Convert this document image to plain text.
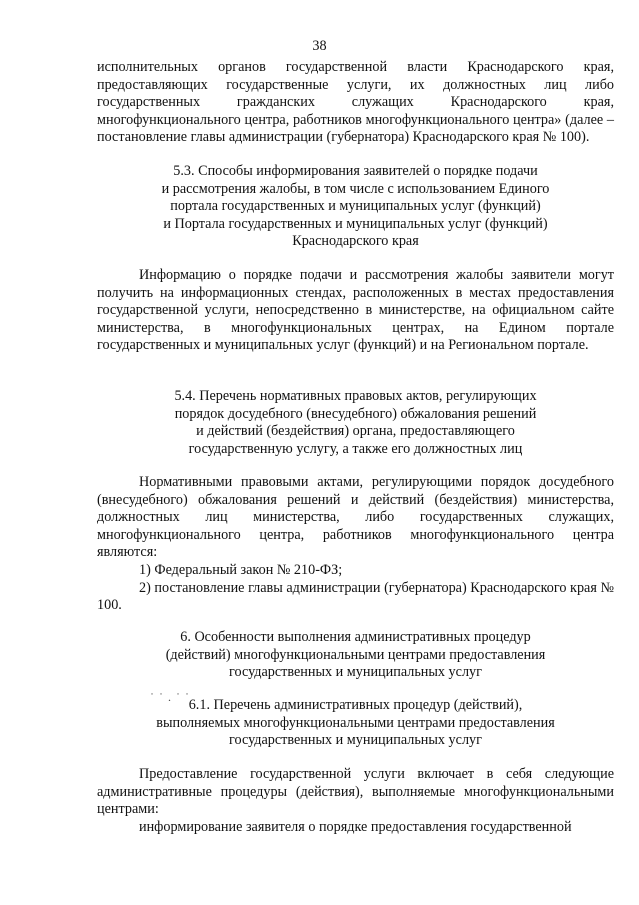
38

исполнительных органов государственной власти Краснодарского края, предоставляющих государственные услуги, их должностных лиц либо государственных гражданских служащих Краснодарского края, многофункционального центра, работников многофункционального центра» (далее – постановление главы администрации (губернатора) Краснодарского края № 100).

5.3. Способы информирования заявителей о порядке подачи

и рассмотрения жалобы, в том числе с использованием Единого

портала государственных и муниципальных услуг (функций)

и Портала государственных и муниципальных услуг (функций)

Краснодарского края

Информацию о порядке подачи и рассмотрения жалобы заявители могут получить на информационных стендах, расположенных в местах предоставления государственной услуги, непосредственно в министерстве, на официальном сайте министерства, в многофункциональных центрах, на Едином портале государственных и муниципальных услуг (функций) и на Региональном портале.

5.4. Перечень нормативных правовых актов, регулирующих

порядок досудебного (внесудебного) обжалования решений

и действий (бездействия) органа, предоставляющего

государственную услугу, а также его должностных лиц

Нормативными правовыми актами, регулирующими порядок досудебного (внесудебного) обжалования решений и действий (бездействия) министерства, должностных лиц министерства, либо государственных служащих, многофункционального центра, работников многофункционального центра являются:

1) Федеральный закон № 210-ФЗ;

2) постановление главы администрации (губернатора) Краснодарского края № 100.

6. Особенности выполнения административных процедур

(действий) многофункциональными центрами предоставления

государственных и муниципальных услуг

˙ ˙ . ˙ ˙

6.1. Перечень административных процедур (действий),

выполняемых многофункциональными центрами предоставления

государственных и муниципальных услуг

Предоставление государственной услуги включает в себя следующие административные процедуры (действия), выполняемые многофункциональными центрами:

информирование заявителя о порядке предоставления государственной
